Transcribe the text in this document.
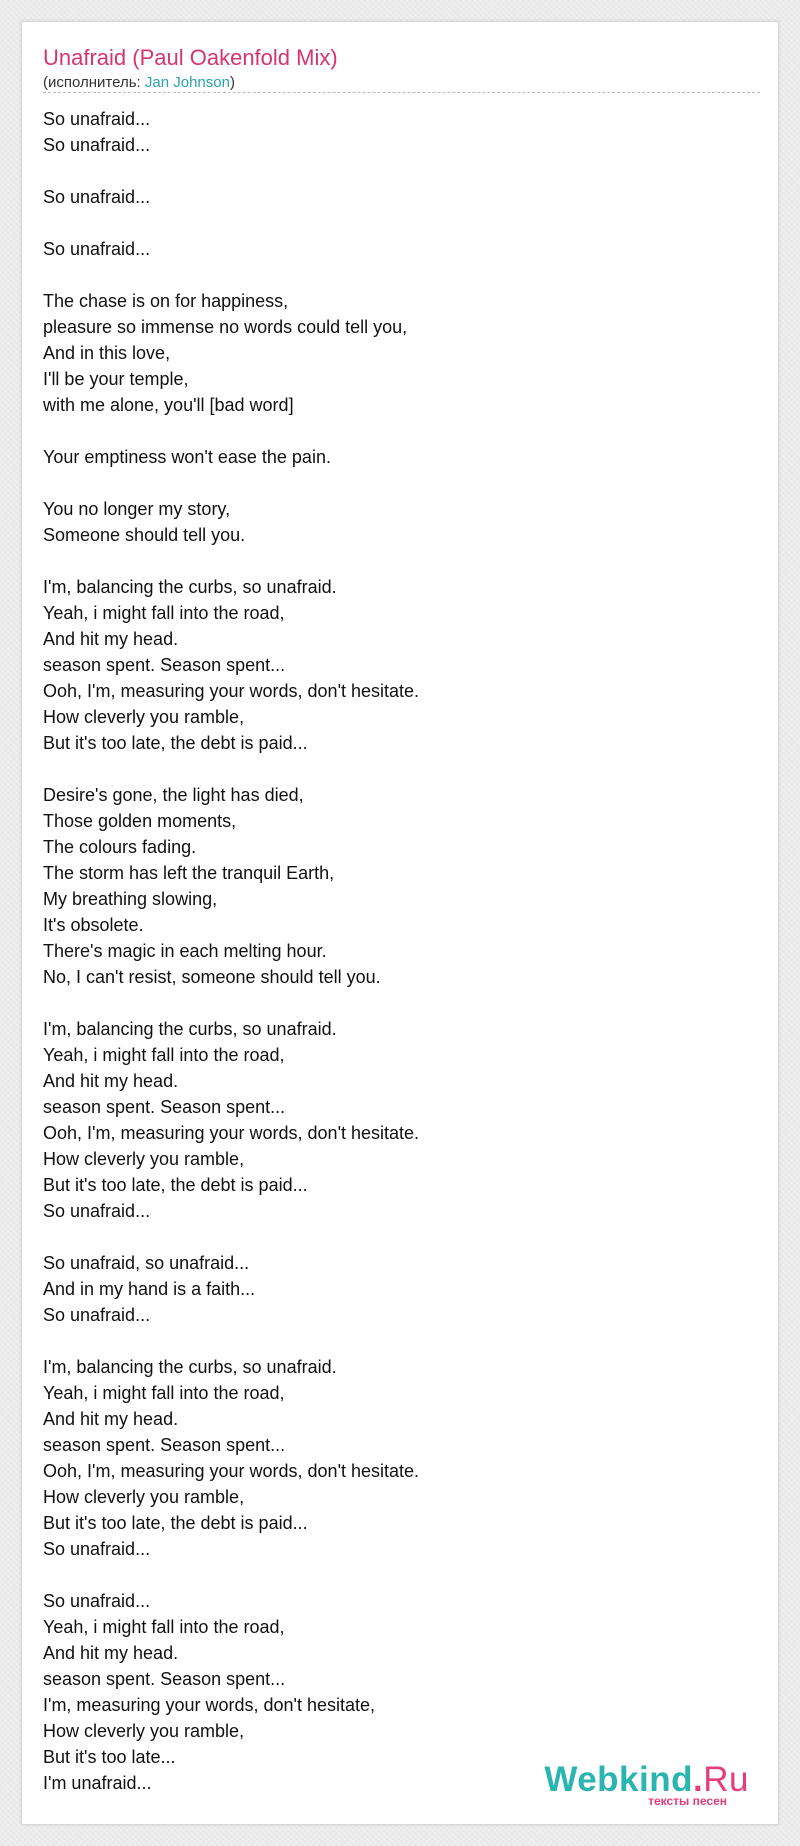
Unafraid (Paul Oakenfold Mix)
(исполнитель: Jan Johnson)
So unafraid...
So unafraid...
So unafraid...
So unafraid...
The chase is on for happiness,
pleasure so immense no words could tell you,
And in this love,
I'll be your temple,
with me alone, you'll [bad word]
Your emptiness won't ease the pain.
You no longer my story,
Someone should tell you.
I'm, balancing the curbs, so unafraid.
Yeah, i might fall into the road,
And hit my head.
season spent. Season spent...
Ooh, I'm, measuring your words, don't hesitate.
How cleverly you ramble,
But it's too late, the debt is paid...
Desire's gone, the light has died,
Those golden moments,
The colours fading.
The storm has left the tranquil Earth,
My breathing slowing,
It's obsolete.
There's magic in each melting hour.
No, I can't resist, someone should tell you.
I'm, balancing the curbs, so unafraid.
Yeah, i might fall into the road,
And hit my head.
season spent. Season spent...
Ooh, I'm, measuring your words, don't hesitate.
How cleverly you ramble,
But it's too late, the debt is paid...
So unafraid...
So unafraid, so unafraid...
And in my hand is a faith...
So unafraid...
I'm, balancing the curbs, so unafraid.
Yeah, i might fall into the road,
And hit my head.
season spent. Season spent...
Ooh, I'm, measuring your words, don't hesitate.
How cleverly you ramble,
But it's too late, the debt is paid...
So unafraid...
So unafraid...
Yeah, i might fall into the road,
And hit my head.
season spent. Season spent...
I'm, measuring your words, don't hesitate,
How cleverly you ramble,
But it's too late...
I'm unafraid...	Webkind.Ru
тексты песен
